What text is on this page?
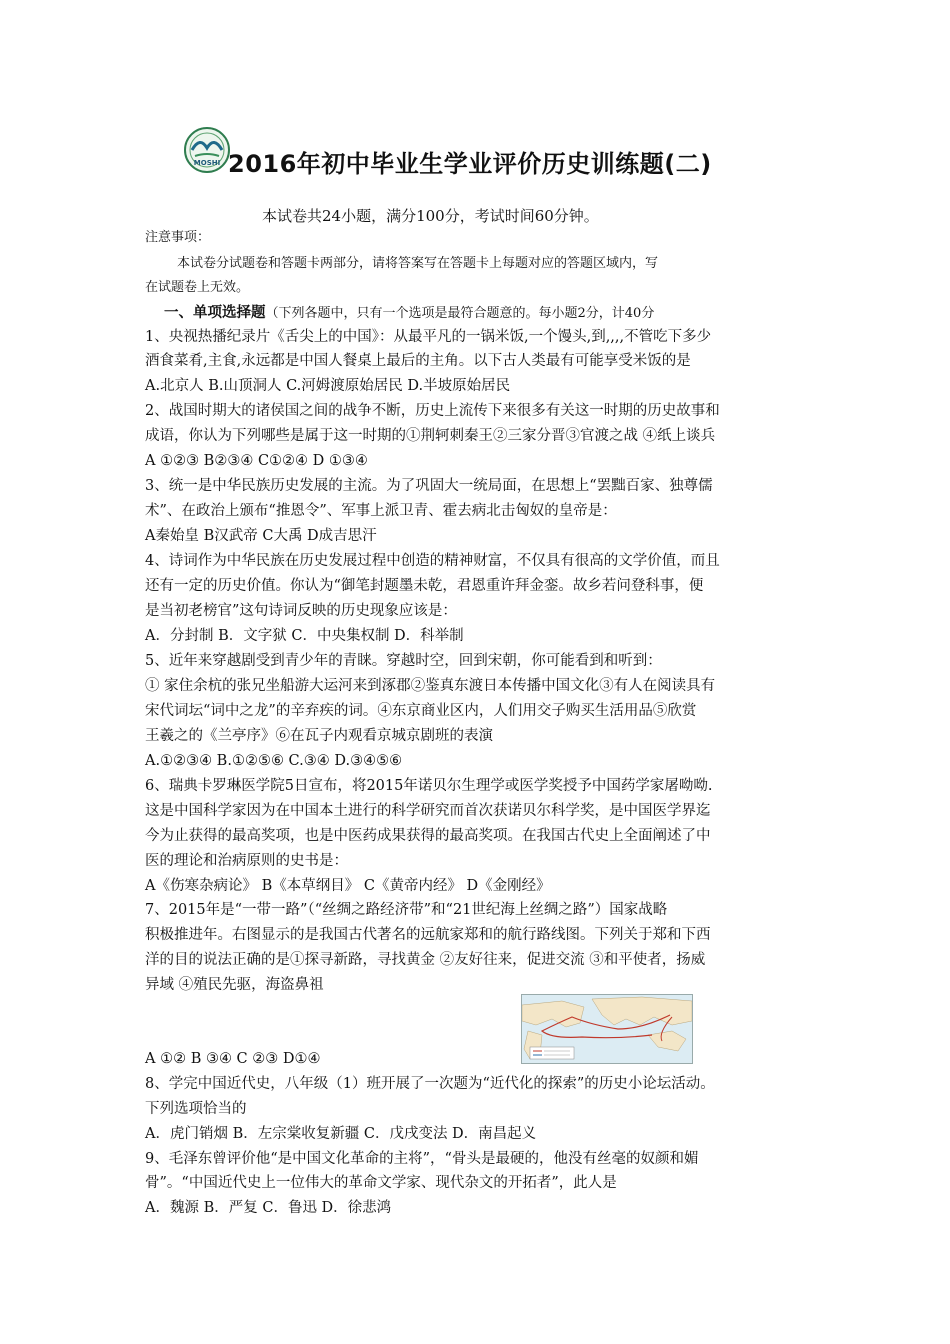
MOSHI 2016年初中毕业生学业评价历史训练题(二)
本试卷共24小题，满分100分，考试时间60分钟。
注意事项：
本试卷分试题卷和答题卡两部分，请将答案写在答题卡上每题对应的答题区域内，写
在试题卷上无效。
一、单项选择题（下列各题中，只有一个选项是最符合题意的。每小题2分，计40分
1、央视热播纪录片《舌尖上的中国》：从最平凡的一锅米饭,一个馒头,到,,,,不管吃下多少
酒食菜肴,主食,永远都是中国人餐桌上最后的主角。以下古人类最有可能享受米饭的是
A.北京人 B.山顶洞人 C.河姆渡原始居民 D.半坡原始居民
2、战国时期大的诸侯国之间的战争不断，历史上流传下来很多有关这一时期的历史故事和
成语，你认为下列哪些是属于这一时期的①荆轲刺秦王②三家分晋③官渡之战 ④纸上谈兵
A ①②③ B②③④ C①②④ D ①③④
3、统一是中华民族历史发展的主流。为了巩固大一统局面，在思想上“罢黜百家、独尊儒
术”、在政治上颁布“推恩令”、军事上派卫青、霍去病北击匈奴的皇帝是：
A秦始皇 B汉武帝 C大禹 D成吉思汗
4、诗词作为中华民族在历史发展过程中创造的精神财富，不仅具有很高的文学价值，而且
还有一定的历史价值。你认为“御笔封题墨未乾，君恩重许拜金銮。故乡若问登科事，便
是当初老榜官”这句诗词反映的历史现象应该是：
A．分封制 B．文字狱 C．中央集权制 D．科举制
5、近年来穿越剧受到青少年的青睐。穿越时空，回到宋朝，你可能看到和听到：
① 家住余杭的张兄坐船游大运河来到涿郡②鉴真东渡日本传播中国文化③有人在阅读具有
宋代词坛“词中之龙”的辛弃疾的词。④东京商业区内，人们用交子购买生活用品⑤欣赏
王羲之的《兰亭序》⑥在瓦子内观看京城京剧班的表演
A.①②③④ B.①②⑤⑥ C.③④ D.③④⑤⑥
6、瑞典卡罗琳医学院5日宣布，将2015年诺贝尔生理学或医学奖授予中国药学家屠呦呦.
这是中国科学家因为在中国本土进行的科学研究而首次获诺贝尔科学奖，是中国医学界迄
今为止获得的最高奖项，也是中医药成果获得的最高奖项。在我国古代史上全面阐述了中
医的理论和治病原则的史书是：
A《伤寒杂病论》 B《本草纲目》 C《黄帝内经》 D《金刚经》
7、2015年是“一带一路”（“丝绸之路经济带”和“21世纪海上丝绸之路”）国家战略
积极推进年。右图显示的是我国古代著名的远航家郑和的航行路线图。下列关于郑和下西
洋的目的说法正确的是①探寻新路，寻找黄金 ②友好往来，促进交流 ③和平使者，扬威
异域 ④殖民先驱，海盗鼻祖
A ①② B ③④ C ②③ D①④
8、学完中国近代史，八年级（1）班开展了一次题为“近代化的探索”的历史小论坛活动。
下列选项恰当的
A．虎门销烟 B．左宗棠收复新疆 C．戊戌变法 D．南昌起义
9、毛泽东曾评价他“是中国文化革命的主将”，“骨头是最硬的，他没有丝毫的奴颜和媚
骨”。“中国近代史上一位伟大的革命文学家、现代杂文的开拓者”，此人是
A．魏源 B．严复 C．鲁迅 D．徐悲鸿
